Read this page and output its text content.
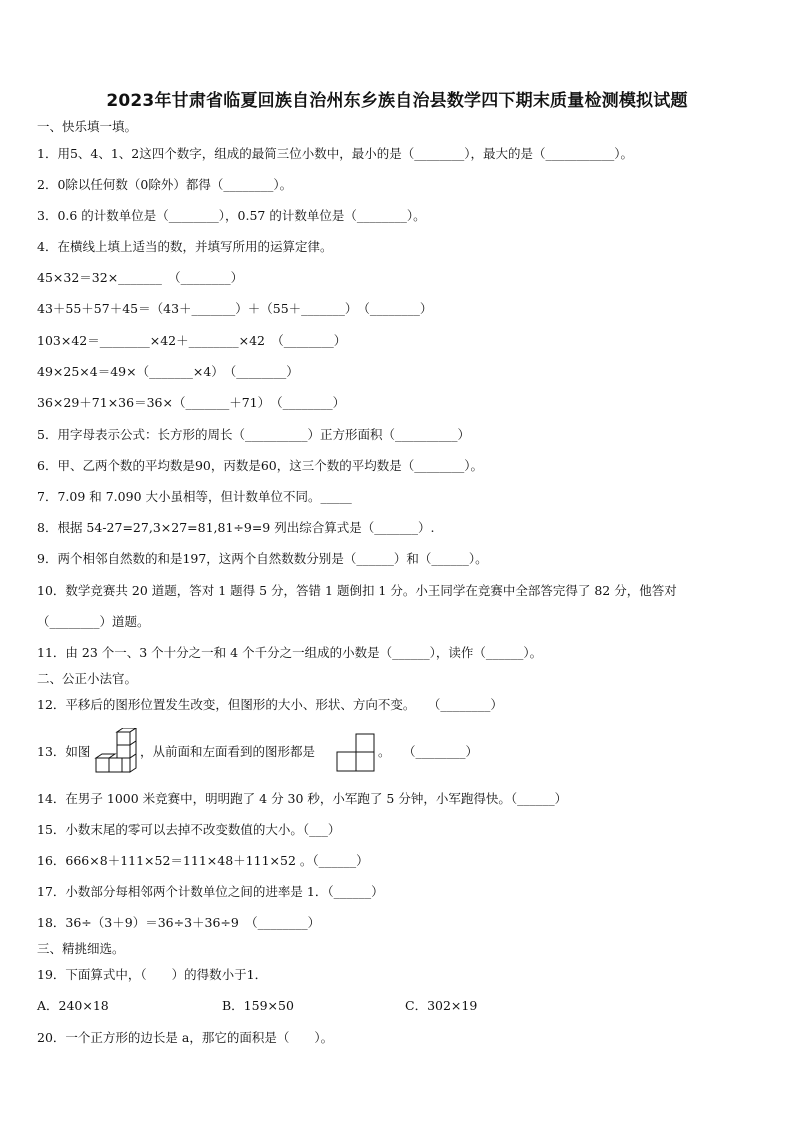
2023年甘肃省临夏回族自治州东乡族自治县数学四下期末质量检测模拟试题
一、快乐填一填。
1．用5、4、1、2这四个数字，组成的最简三位小数中，最小的是（________），最大的是（___________）。
2．0除以任何数（0除外）都得（________）。
3．0.6 的计数单位是（________），0.57 的计数单位是（________）。
4．在横线上填上适当的数，并填写所用的运算定律。
45×32＝32×_______　（________）
43＋55＋57＋45＝（43＋_______）＋（55＋_______）　（________）
103×42＝________×42＋________×42　（________）
49×25×4＝49×（_______×4）　（________）
36×29＋71×36＝36×（_______＋71）　（________）
5．用字母表示公式：长方形的周长（__________）正方形面积（__________）
6．甲、乙两个数的平均数是90，丙数是60，这三个数的平均数是（________）。
7．7.09 和 7.090 大小虽相等，但计数单位不同。_____
8．根据 54-27=27,3×27=81,81÷9=9 列出综合算式是（_______）.
9．两个相邻自然数的和是197，这两个自然数数分别是（______）和（______）。
10．数学竞赛共 20 道题，答对 1 题得 5 分，答错 1 题倒扣 1 分。小王同学在竞赛中全部答完得了 82 分，他答对
（________）道题。
11．由 23 个一、3 个十分之一和 4 个千分之一组成的小数是（______），读作（______）。
二、公正小法官。
12．平移后的图形位置发生改变，但图形的大小、形状、方向不变。　　（________）
13．如图	，从前面和左面看到的图形都是	。　　（________）
14．在男子 1000 米竞赛中，明明跑了 4 分 30 秒，小军跑了 5 分钟，小军跑得快。（______）
15．小数末尾的零可以去掉不改变数值的大小。（___）
16．666×8＋111×52＝111×48＋111×52 。（______）
17．小数部分每相邻两个计数单位之间的进率是 1．（______）
18．36÷（3＋9）＝36÷3＋36÷9　（________）
三、精挑细选。
19．下面算式中，（　　）的得数小于1．
A．240×18	B．159×50	C．302×19
20．一个正方形的边长是 a，那它的面积是（　　）。
